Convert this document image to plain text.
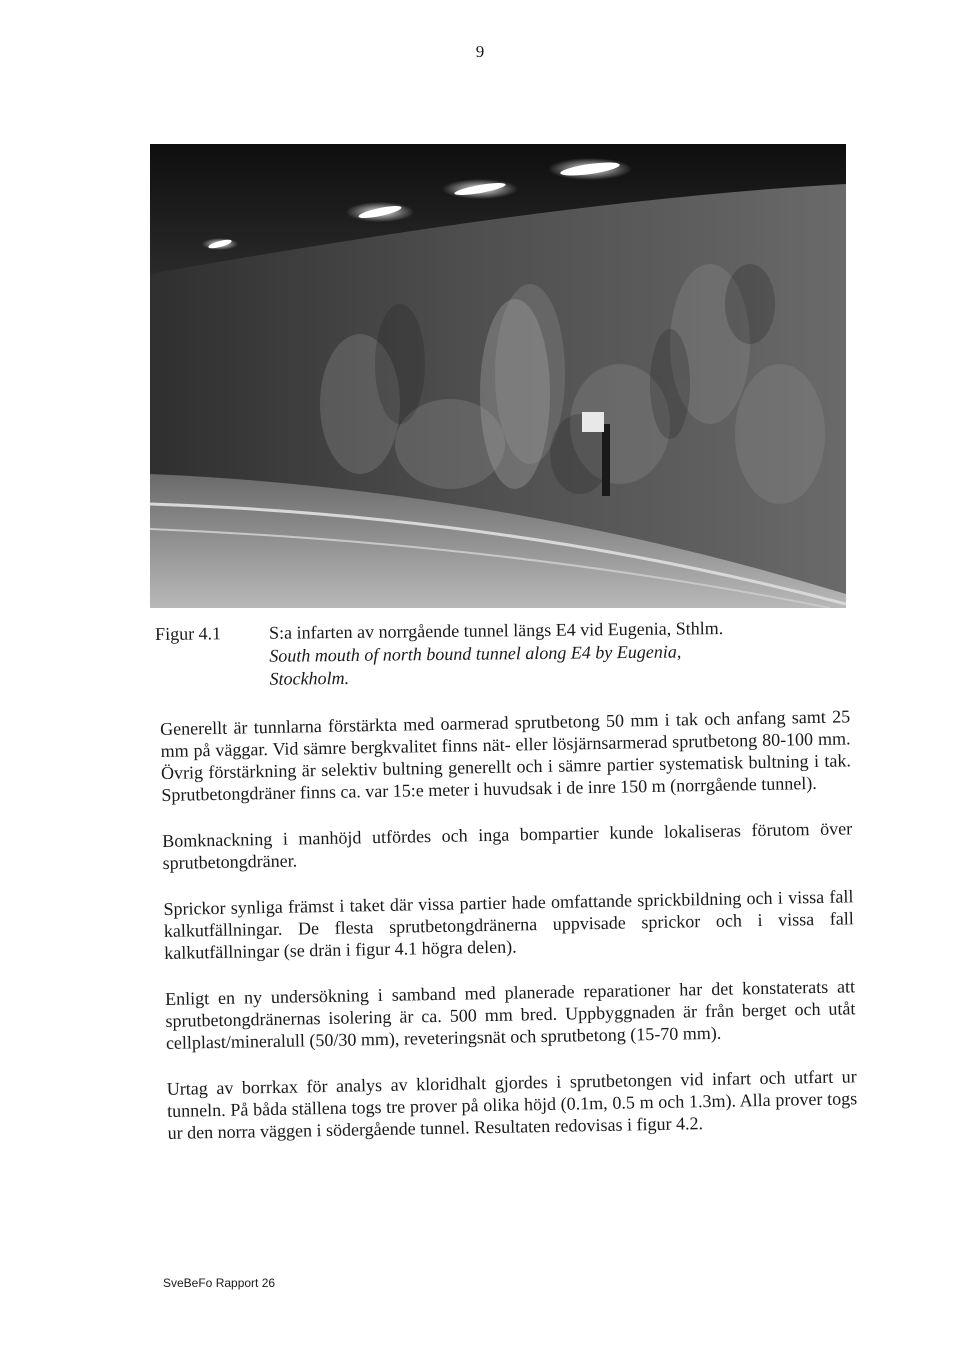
9
Figur 4.1	S:a infarten av norrgående tunnel längs E4 vid Eugenia, Sthlm.
South mouth of north bound tunnel along E4 by Eugenia,
Stockholm.

Generellt är tunnlarna förstärkta med oarmerad sprutbetong 50 mm i tak och anfang samt 25 mm på väggar. Vid sämre bergkvalitet finns nät- eller lösjärnsarmerad sprutbetong 80-100 mm. Övrig förstärkning är selektiv bultning generellt och i sämre partier systematisk bultning i tak. Sprutbetongdräner finns ca. var 15:e meter i huvudsak i de inre 150 m (norrgående tunnel).

Bomknackning i manhöjd utfördes och inga bompartier kunde lokaliseras förutom över sprutbetongdräner.

Sprickor synliga främst i taket där vissa partier hade omfattande sprickbildning och i vissa fall kalkutfällningar. De flesta sprutbetongdränerna uppvisade sprickor och i vissa fall kalkutfällningar (se drän i figur 4.1 högra delen).

Enligt en ny undersökning i samband med planerade reparationer har det konstaterats att sprutbetongdränernas isolering är ca. 500 mm bred. Uppbyggnaden är från berget och utåt cellplast/mineralull (50/30 mm), reveteringsnät och sprutbetong (15-70 mm).

Urtag av borrkax för analys av kloridhalt gjordes i sprutbetongen vid infart och utfart ur tunneln. På båda ställena togs tre prover på olika höjd (0.1m, 0.5 m och 1.3m). Alla prover togs ur den norra väggen i södergående tunnel. Resultaten redovisas i figur 4.2.

SveBeFo Rapport 26
